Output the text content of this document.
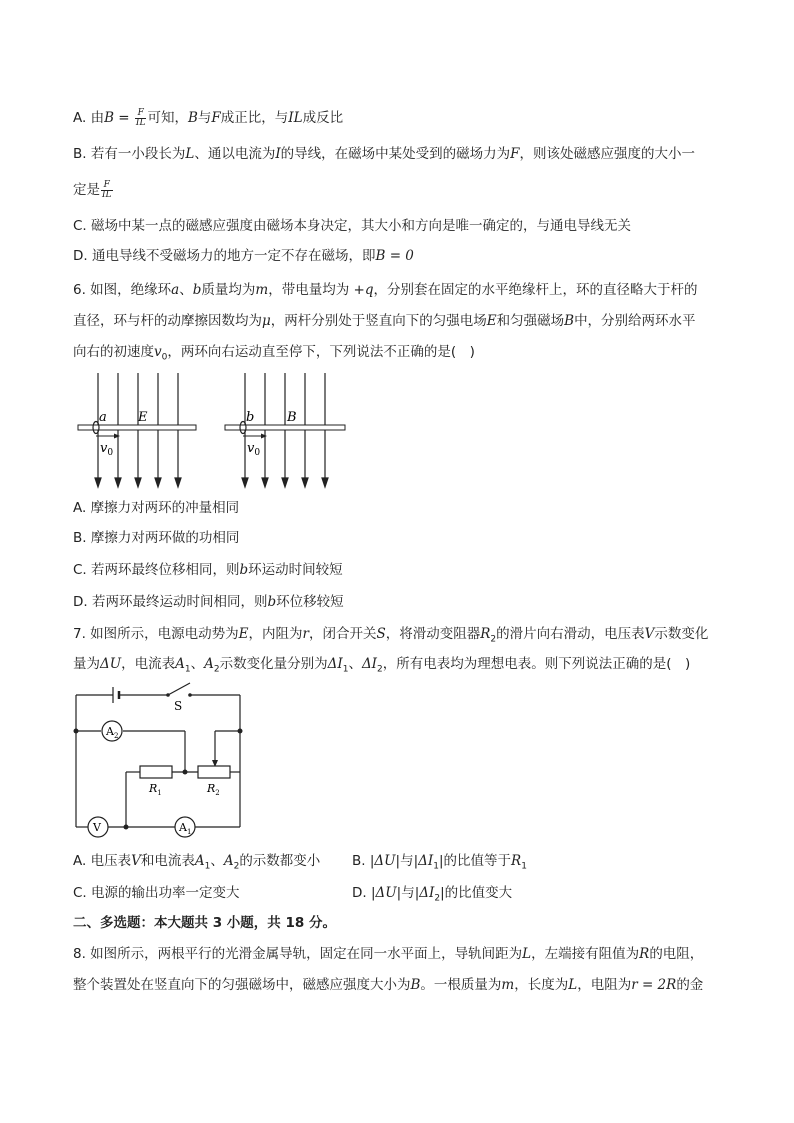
A. 由$B = \frac{F}{IL}$ 可知，B与F成正比，与IL成反比
B. 若有一小段长为L、通以电流为I的导线，在磁场中某处受到的磁场力为F，则该处磁感应强度的大小一
定是 $\frac{F}{IL}$
C. 磁场中某一点的磁感应强度由磁场本身决定，其大小和方向是唯一确定的，与通电导线无关
D. 通电导线不受磁场力的地方一定不存在磁场，即B = 0
6. 如图，绝缘环a、b质量均为m，带电量均为 +q，分别套在固定的水平绝缘杆上，环的直径略大于杆的
直径，环与杆的动摩擦因数均为μ，两杆分别处于竖直向下的匀强电场E和匀强磁场B中，分别给两环水平
向右的初速度$v_0$，两环向右运动直至停下，下列说法不正确的是(　)
a E
$v_0$
b	B
$v_0$
A. 摩擦力对两环的冲量相同
B. 摩擦力对两环做的功相同
C. 若两环最终位移相同，则b环运动时间较短
D. 若两环最终运动时间相同，则b环位移较短
7. 如图所示，电源电动势为E，内阻为r，闭合开关S，将滑动变阻器$R_2$的滑片向右滑动，电压表V示数变化
量为ΔU，电流表$A_1$、$A_2$示数变化量分别为$\Delta I_1$、$\Delta I_2$，所有电表均为理想电表。则下列说法正确的是(　)
S
$A_2$
$R_1$	$R_2$
V	$A_1$
A. 电压表V和电流表$A_1$、$A_2$的示数都变小 B. |ΔU|与$|\Delta I_1|$的比值等于$R_1$
C. 电源的输出功率一定变大	D. |ΔU|与$|\Delta I_2|$的比值变大
二、多选题：本大题共 3 小题，共 18 分。
8. 如图所示，两根平行的光滑金属导轨，固定在同一水平面上，导轨间距为L，左端接有阻值为R的电阻，
整个装置处在竖直向下的匀强磁场中，磁感应强度大小为B。一根质量为m，长度为L，电阻为r = 2R的金
